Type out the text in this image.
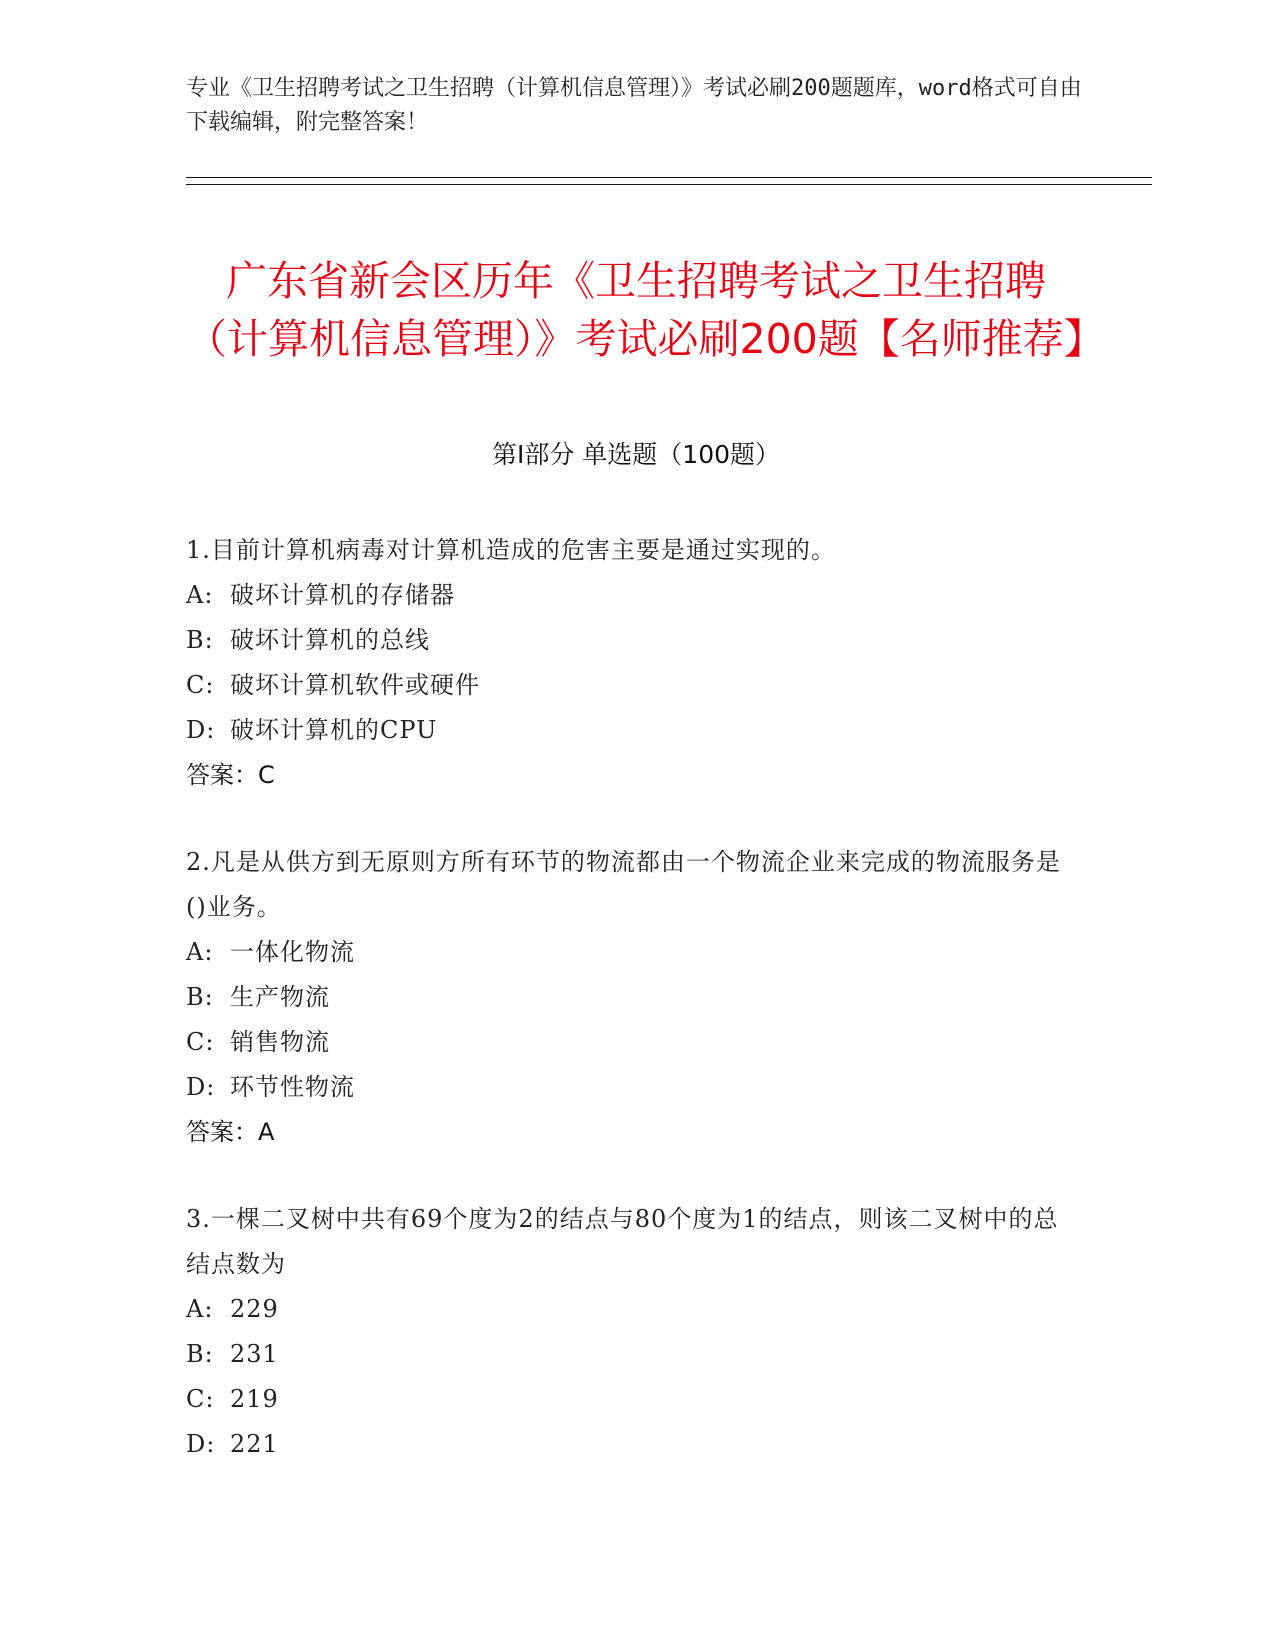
专业《卫生招聘考试之卫生招聘（计算机信息管理）》考试必刷200题题库，word格式可自由下载编辑，附完整答案！
广东省新会区历年《卫生招聘考试之卫生招聘（计算机信息管理）》考试必刷200题【名师推荐】
第I部分 单选题（100题）
1.目前计算机病毒对计算机造成的危害主要是通过实现的。
A: 破坏计算机的存储器
B: 破坏计算机的总线
C: 破坏计算机软件或硬件
D: 破坏计算机的CPU
答案：C
2.凡是从供方到无原则方所有环节的物流都由一个物流企业来完成的物流服务是()业务。
A: 一体化物流
B: 生产物流
C: 销售物流
D: 环节性物流
答案：A
3.一棵二叉树中共有69个度为2的结点与80个度为1的结点，则该二叉树中的总结点数为
A: 229
B: 231
C: 219
D: 221
